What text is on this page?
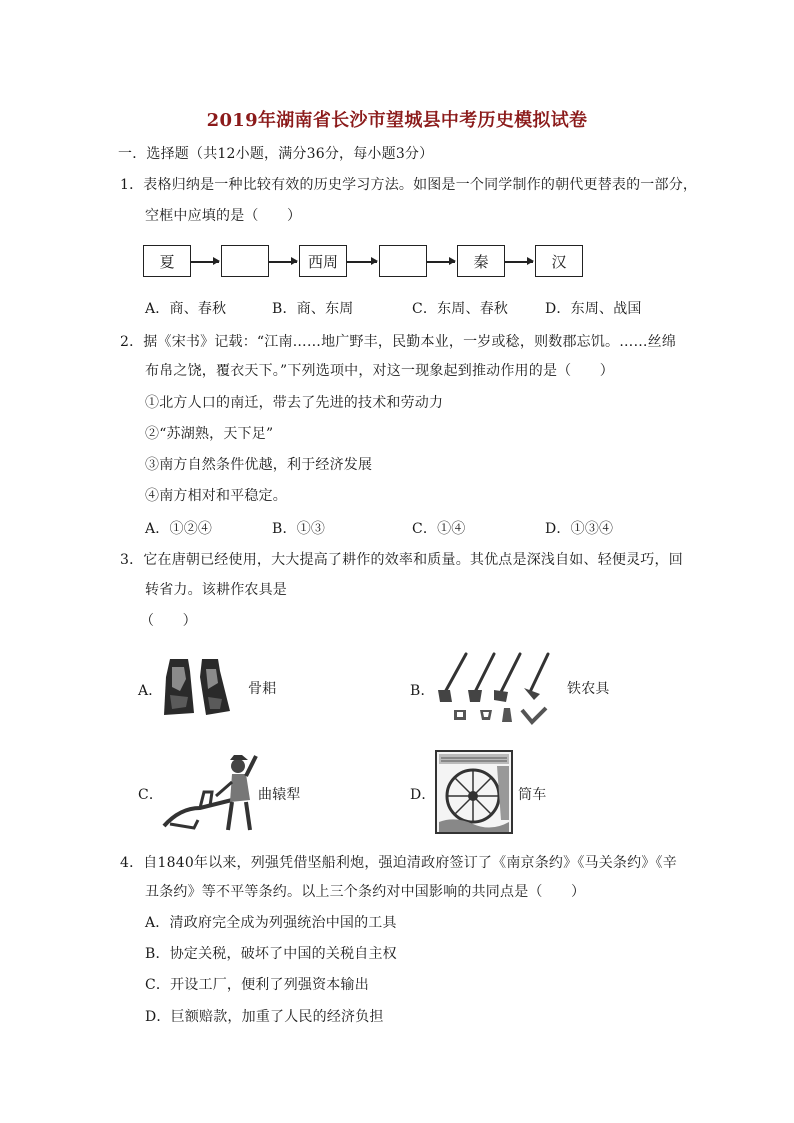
2019年湖南省长沙市望城县中考历史模拟试卷
一．选择题（共12小题，满分36分，每小题3分）
1．表格归纳是一种比较有效的历史学习方法。如图是一个同学制作的朝代更替表的一部分，
空框中应填的是（　　）
夏	西周	秦	汉
A．商、春秋	B．商、东周	C．东周、春秋	D．东周、战国
2．据《宋书》记载：“江南……地广野丰，民勤本业，一岁或稔，则数郡忘饥。……丝绵
布帛之饶，覆衣天下。”下列选项中，对这一现象起到推动作用的是（　　）
①北方人口的南迁，带去了先进的技术和劳动力
②“苏湖熟，天下足”
③南方自然条件优越，利于经济发展
④南方相对和平稳定。
A．①②④	B．①③	C．①④	D．①③④
3．它在唐朝已经使用，大大提高了耕作的效率和质量。其优点是深浅自如、轻便灵巧，回
转省力。该耕作农具是
（　　）
A．	骨耜	B．	铁农具
C．	曲辕犁	D．	筒车
4．自1840年以来，列强凭借坚船利炮，强迫清政府签订了《南京条约》《马关条约》《辛
丑条约》等不平等条约。以上三个条约对中国影响的共同点是（　　）
A．清政府完全成为列强统治中国的工具
B．协定关税，破坏了中国的关税自主权
C．开设工厂，便利了列强资本输出
D．巨额赔款，加重了人民的经济负担
